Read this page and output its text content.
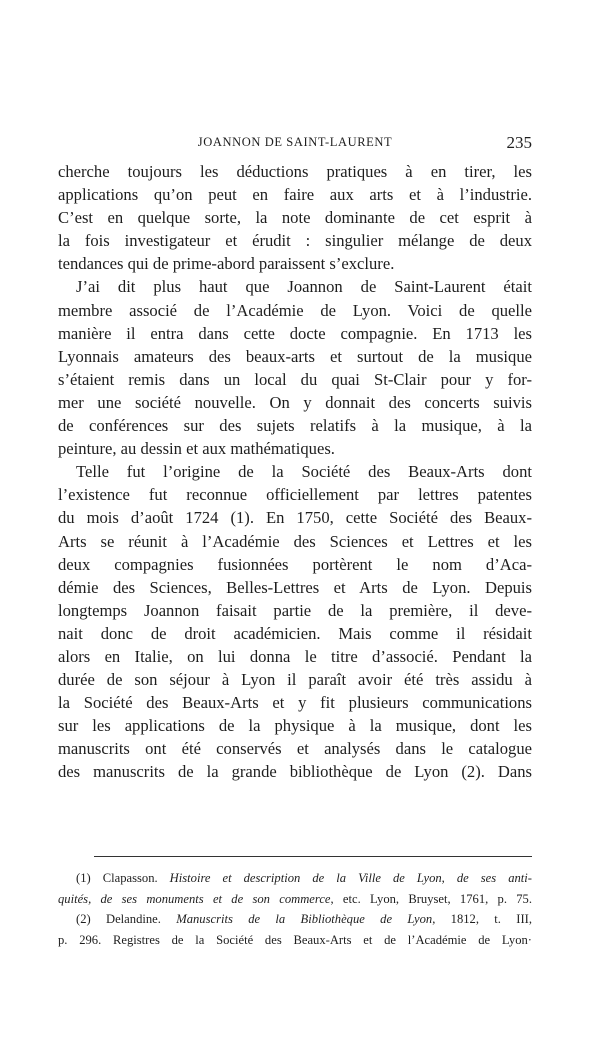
JOANNON DE SAINT-LAURENT	235
cherche toujours les déductions pratiques à en tirer, les
applications qu’on peut en faire aux arts et à l’industrie.
C’est en quelque sorte, la note dominante de cet esprit à
la fois investigateur et érudit : singulier mélange de deux
tendances qui de prime-abord paraissent s’exclure.
J’ai dit plus haut que Joannon de Saint-Laurent était
membre associé de l’Académie de Lyon. Voici de quelle
manière il entra dans cette docte compagnie. En 1713 les
Lyonnais amateurs des beaux-arts et surtout de la musique
s’étaient remis dans un local du quai St-Clair pour y for-
mer une société nouvelle. On y donnait des concerts suivis
de conférences sur des sujets relatifs à la musique, à la
peinture, au dessin et aux mathématiques.
Telle fut l’origine de la Société des Beaux-Arts dont
l’existence fut reconnue officiellement par lettres patentes
du mois d’août 1724 (1). En 1750, cette Société des Beaux-
Arts se réunit à l’Académie des Sciences et Lettres et les
deux compagnies fusionnées portèrent le nom d’Aca-
démie des Sciences, Belles-Lettres et Arts de Lyon. Depuis
longtemps Joannon faisait partie de la première, il deve-
nait donc de droit académicien. Mais comme il résidait
alors en Italie, on lui donna le titre d’associé. Pendant la
durée de son séjour à Lyon il paraît avoir été très assidu à
la Société des Beaux-Arts et y fit plusieurs communications
sur les applications de la physique à la musique, dont les
manuscrits ont été conservés et analysés dans le catalogue
des manuscrits de la grande bibliothèque de Lyon (2). Dans
(1) Clapasson. Histoire et description de la Ville de Lyon, de ses anti-
quités, de ses monuments et de son commerce, etc. Lyon, Bruyset, 1761, p. 75.
(2) Delandine. Manuscrits de la Bibliothèque de Lyon, 1812, t. III,
p. 296. Registres de la Société des Beaux-Arts et de l’Académie de Lyon·
